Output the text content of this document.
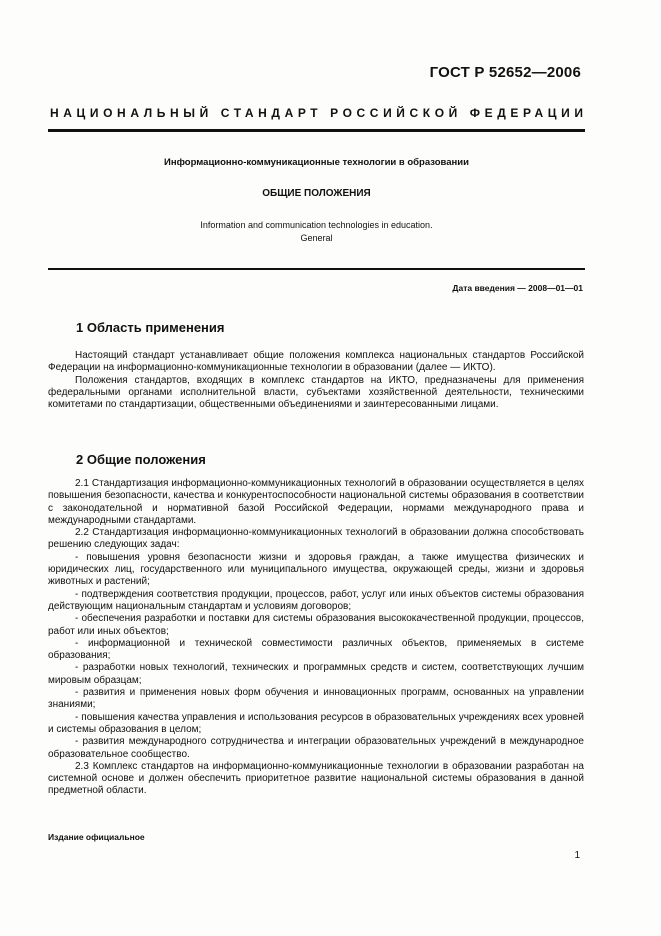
ГОСТ Р 52652—2006
НАЦИОНАЛЬНЫЙ СТАНДАРТ РОССИЙСКОЙ ФЕДЕРАЦИИ
Информационно-коммуникационные технологии в образовании
ОБЩИЕ ПОЛОЖЕНИЯ
Information and communication technologies in education.
General
Дата введения — 2008—01—01
1 Область применения

Настоящий стандарт устанавливает общие положения комплекса национальных стандартов Российской Федерации на информационно-коммуникационные технологии в образовании (далее — ИКТО).

Положения стандартов, входящих в комплекс стандартов на ИКТО, предназначены для применения федеральными органами исполнительной власти, субъектами хозяйственной деятельности, техническими комитетами по стандартизации, общественными объединениями и заинтересованными лицами.

2 Общие положения

2.1 Стандартизация информационно-коммуникационных технологий в образовании осуществляется в целях повышения безопасности, качества и конкурентоспособности национальной системы образования в соответствии с законодательной и нормативной базой Российской Федерации, нормами международного права и международными стандартами.

2.2 Стандартизация информационно-коммуникационных технологий в образовании должна способствовать решению следующих задач:

- повышения уровня безопасности жизни и здоровья граждан, а также имущества физических и юридических лиц, государственного или муниципального имущества, окружающей среды, жизни и здоровья животных и растений;

- подтверждения соответствия продукции, процессов, работ, услуг или иных объектов системы образования действующим национальным стандартам и условиям договоров;

- обеспечения разработки и поставки для системы образования высококачественной продукции, процессов, работ или иных объектов;

- информационной и технической совместимости различных объектов, применяемых в системе образования;

- разработки новых технологий, технических и программных средств и систем, соответствующих лучшим мировым образцам;

- развития и применения новых форм обучения и инновационных программ, основанных на управлении знаниями;

- повышения качества управления и использования ресурсов в образовательных учреждениях всех уровней и системы образования в целом;

- развития международного сотрудничества и интеграции образовательных учреждений в международное образовательное сообщество.

2.3 Комплекс стандартов на информационно-коммуникационные технологии в образовании разработан на системной основе и должен обеспечить приоритетное развитие национальной системы образования в данной предметной области.

Издание официальное
1
